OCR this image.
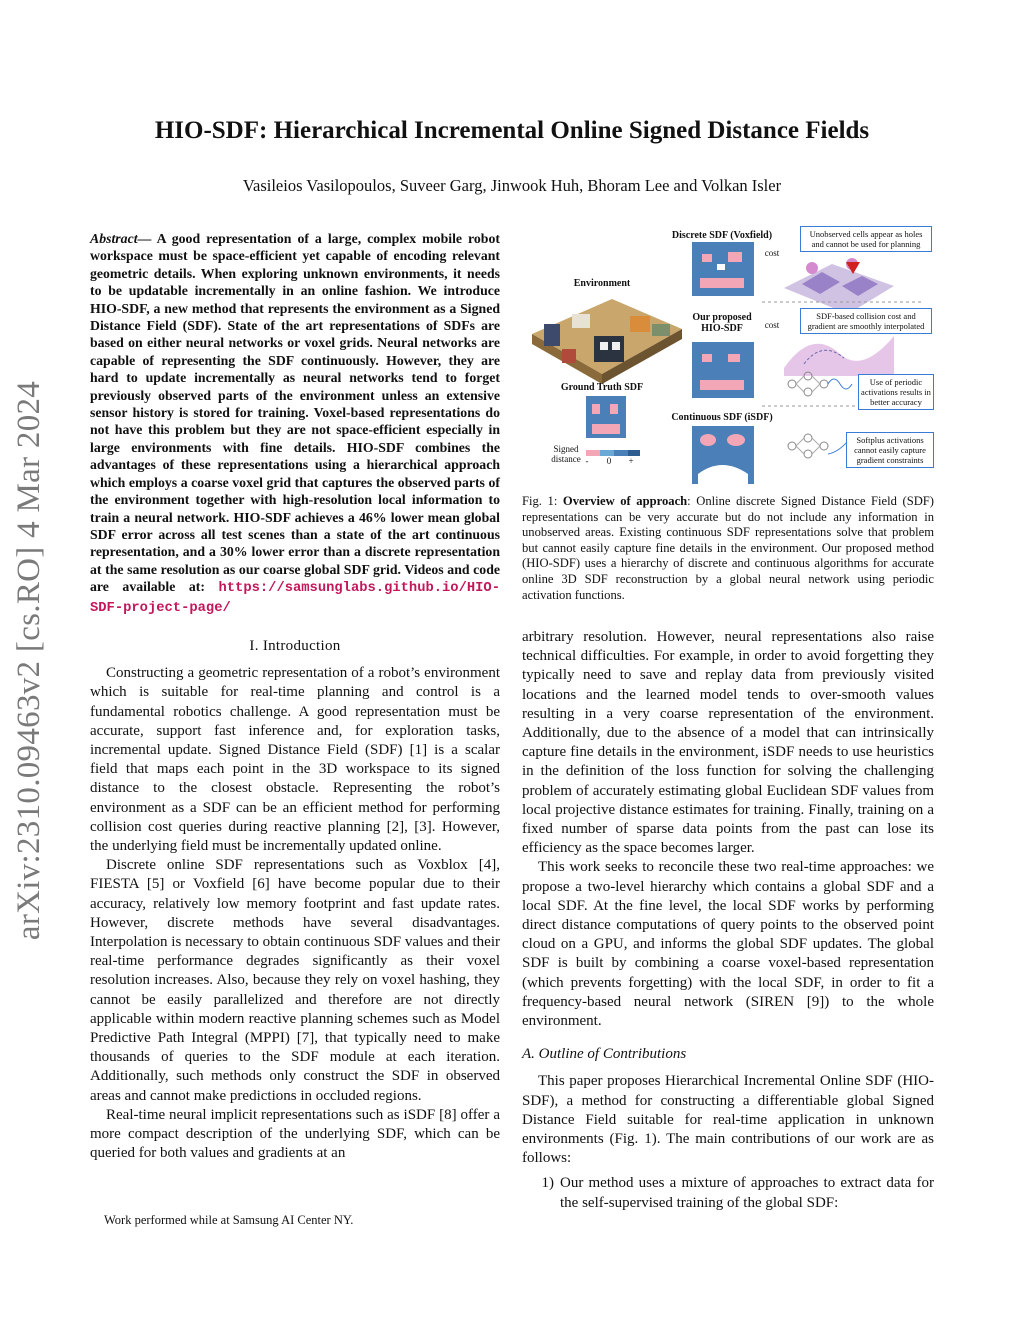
arXiv:2310.09463v2 [cs.RO] 4 Mar 2024
HIO-SDF: Hierarchical Incremental Online Signed Distance Fields

Vasileios Vasilopoulos, Suveer Garg, Jinwook Huh, Bhoram Lee and Volkan Isler

Abstract— A good representation of a large, complex mobile robot workspace must be space-efficient yet capable of encoding relevant geometric details. When exploring unknown environments, it needs to be updatable incrementally in an online fashion. We introduce HIO-SDF, a new method that represents the environment as a Signed Distance Field (SDF). State of the art representations of SDFs are based on either neural networks or voxel grids. Neural networks are capable of representing the SDF continuously. However, they are hard to update incrementally as neural networks tend to forget previously observed parts of the environment unless an extensive sensor history is stored for training. Voxel-based representations do not have this problem but they are not space-efficient especially in large environments with fine details. HIO-SDF combines the advantages of these representations using a hierarchical approach which employs a coarse voxel grid that captures the observed parts of the environment together with high-resolution local information to train a neural network. HIO-SDF achieves a 46% lower mean global SDF error across all test scenes than a state of the art continuous representation, and a 30% lower error than a discrete representation at the same resolution as our coarse global SDF grid. Videos and code are available at: https://samsunglabs.github.io/HIO-SDF-project-page/

I. Introduction

Constructing a geometric representation of a robot’s environment which is suitable for real-time planning and control is a fundamental robotics challenge. A good representation must be accurate, support fast inference and, for exploration tasks, incremental update. Signed Distance Field (SDF) [1] is a scalar field that maps each point in the 3D workspace to its signed distance to the closest obstacle. Representing the robot’s environment as a SDF can be an efficient method for performing collision cost queries during reactive planning [2], [3]. However, the underlying field must be incrementally updated online.

Discrete online SDF representations such as Voxblox [4], FIESTA [5] or Voxfield [6] have become popular due to their accuracy, relatively low memory footprint and fast update rates. However, discrete methods have several disadvantages. Interpolation is necessary to obtain continuous SDF values and their real-time performance degrades significantly as their voxel resolution increases. Also, because they rely on voxel hashing, they cannot be easily parallelized and therefore are not directly applicable within modern reactive planning schemes such as Model Predictive Path Integral (MPPI) [7], that typically need to make thousands of queries to the SDF module at each iteration. Additionally, such methods only construct the SDF in observed areas and cannot make predictions in occluded regions.

Real-time neural implicit representations such as iSDF [8] offer a more compact description of the underlying SDF, which can be queried for both values and gradients at an

Work performed while at Samsung AI Center NY.
Environment
Discrete SDF (Voxfield)
Our proposed HIO-SDF
Ground Truth SDF
Continuous SDF (iSDF)
Signed distance
cost
cost
-	0	+
Unobserved cells appear as holes and cannot be used for planning
SDF-based collision cost and gradient are smoothly interpolated
Use of periodic activations results in better accuracy
Softplus activations cannot easily capture gradient constraints

Fig. 1: Overview of approach: Online discrete Signed Distance Field (SDF) representations can be very accurate but do not include any information in unobserved areas. Existing continuous SDF representations solve that problem but cannot easily capture fine details in the environment. Our proposed method (HIO-SDF) uses a hierarchy of discrete and continuous algorithms for accurate online 3D SDF reconstruction by a global neural network using periodic activation functions.

arbitrary resolution. However, neural representations also raise technical difficulties. For example, in order to avoid forgetting they typically need to save and replay data from previously visited locations and the learned model tends to over-smooth values resulting in a very coarse representation of the environment. Additionally, due to the absence of a model that can intrinsically capture fine details in the environment, iSDF needs to use heuristics in the definition of the loss function for solving the challenging problem of accurately estimating global Euclidean SDF values from local projective distance estimates for training. Finally, training on a fixed number of sparse data points from the past can lose its efficiency as the space becomes larger.

This work seeks to reconcile these two real-time approaches: we propose a two-level hierarchy which contains a global SDF and a local SDF. At the fine level, the local SDF works by performing direct distance computations of query points to the observed point cloud on a GPU, and informs the global SDF updates. The global SDF is built by combining a coarse voxel-based representation (which prevents forgetting) with the local SDF, in order to fit a frequency-based neural network (SIREN [9]) to the whole environment.

A. Outline of Contributions

This paper proposes Hierarchical Incremental Online SDF (HIO-SDF), a method for constructing a differentiable global Signed Distance Field suitable for real-time application in unknown environments (Fig. 1). The main contributions of our work are as follows:

1) Our method uses a mixture of approaches to extract data for the self-supervised training of the global SDF:
